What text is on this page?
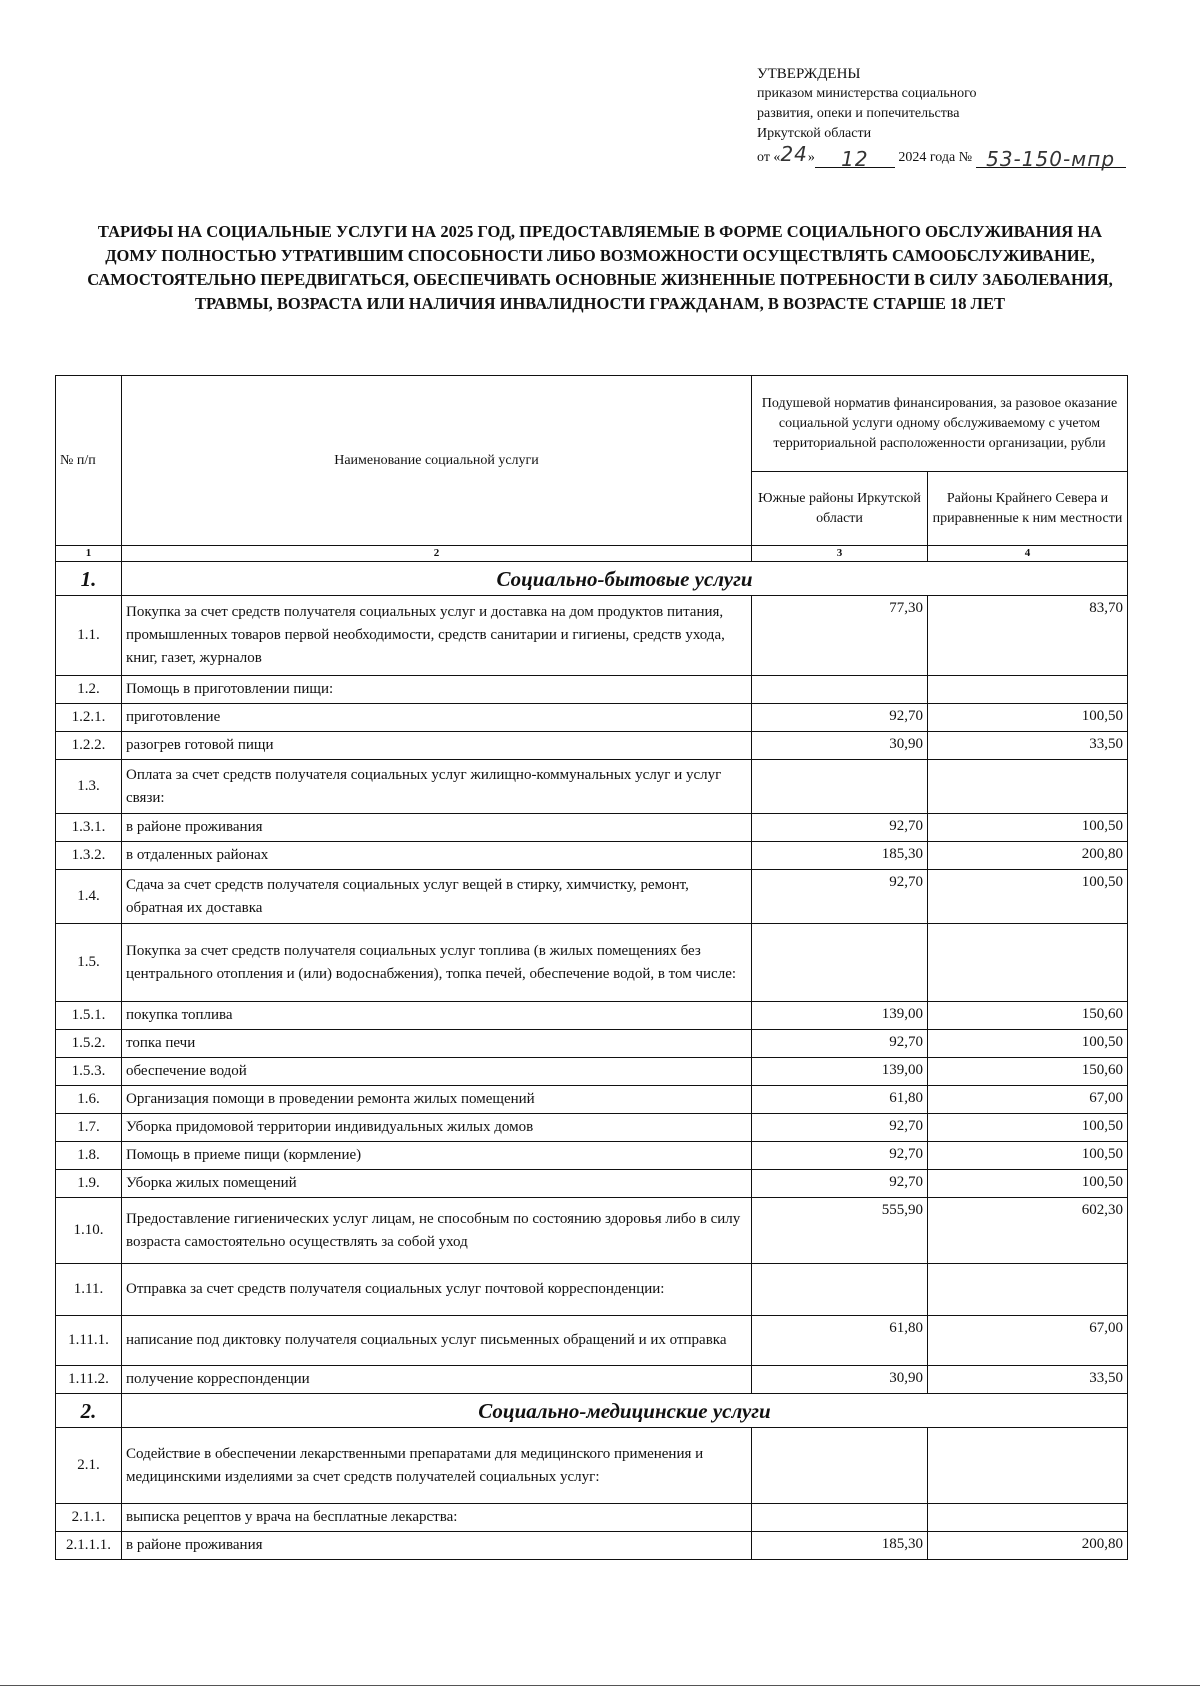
УТВЕРЖДЕНЫ
приказом министерства социального
развития, опеки и попечительства
Иркутской области
от «24» 12 2024 года № 53-150-мпр
ТАРИФЫ НА СОЦИАЛЬНЫЕ УСЛУГИ НА 2025 ГОД, ПРЕДОСТАВЛЯЕМЫЕ В ФОРМЕ СОЦИАЛЬНОГО ОБСЛУЖИВАНИЯ НА ДОМУ ПОЛНОСТЬЮ УТРАТИВШИМ СПОСОБНОСТИ ЛИБО ВОЗМОЖНОСТИ ОСУЩЕСТВЛЯТЬ САМООБСЛУЖИВАНИЕ, САМОСТОЯТЕЛЬНО ПЕРЕДВИГАТЬСЯ, ОБЕСПЕЧИВАТЬ ОСНОВНЫЕ ЖИЗНЕННЫЕ ПОТРЕБНОСТИ В СИЛУ ЗАБОЛЕВАНИЯ, ТРАВМЫ, ВОЗРАСТА ИЛИ НАЛИЧИЯ ИНВАЛИДНОСТИ ГРАЖДАНАМ, В ВОЗРАСТЕ СТАРШЕ 18 ЛЕТ
№ п/п	Наименование социальной услуги	Подушевой норматив финансирования, за разовое оказание социальной услуги одному обслуживаемому с учетом территориальной расположенности организации, рубли	
		Южные районы Иркутской области	Районы Крайнего Севера и приравненные к ним местности
1	2	3	4
1.	Социально-бытовые услуги		
1.1.	Покупка за счет средств получателя социальных услуг и доставка на дом продуктов питания, промышленных товаров первой необходимости, средств санитарии и гигиены, средств ухода, книг, газет, журналов	77,30	83,70
1.2.	Помощь в приготовлении пищи:		
1.2.1.	приготовление	92,70	100,50
1.2.2.	разогрев готовой пищи	30,90	33,50
1.3.	Оплата за счет средств получателя социальных услуг жилищно-коммунальных услуг и услуг связи:		
1.3.1.	в районе проживания	92,70	100,50
1.3.2.	в отдаленных районах	185,30	200,80
1.4.	Сдача за счет средств получателя социальных услуг вещей в стирку, химчистку, ремонт, обратная их доставка	92,70	100,50
1.5.	Покупка за счет средств получателя социальных услуг топлива (в жилых помещениях без центрального отопления и (или) водоснабжения), топка печей, обеспечение водой, в том числе:		
1.5.1.	покупка топлива	139,00	150,60
1.5.2.	топка печи	92,70	100,50
1.5.3.	обеспечение водой	139,00	150,60
1.6.	Организация помощи в проведении ремонта жилых помещений	61,80	67,00
1.7.	Уборка придомовой территории индивидуальных жилых домов	92,70	100,50
1.8.	Помощь в приеме пищи (кормление)	92,70	100,50
1.9.	Уборка жилых помещений	92,70	100,50
1.10.	Предоставление гигиенических услуг лицам, не способным по состоянию здоровья либо в силу возраста самостоятельно осуществлять за собой уход	555,90	602,30
1.11.	Отправка за счет средств получателя социальных услуг почтовой корреспонденции:		
1.11.1.	написание под диктовку получателя социальных услуг письменных обращений и их отправка	61,80	67,00
1.11.2.	получение корреспонденции	30,90	33,50
2.	Социально-медицинские услуги		
2.1.	Содействие в обеспечении лекарственными препаратами для медицинского применения и медицинскими изделиями за счет средств получателей социальных услуг:		
2.1.1.	выписка рецептов у врача на бесплатные лекарства:		
2.1.1.1.	в районе проживания	185,30	200,80
